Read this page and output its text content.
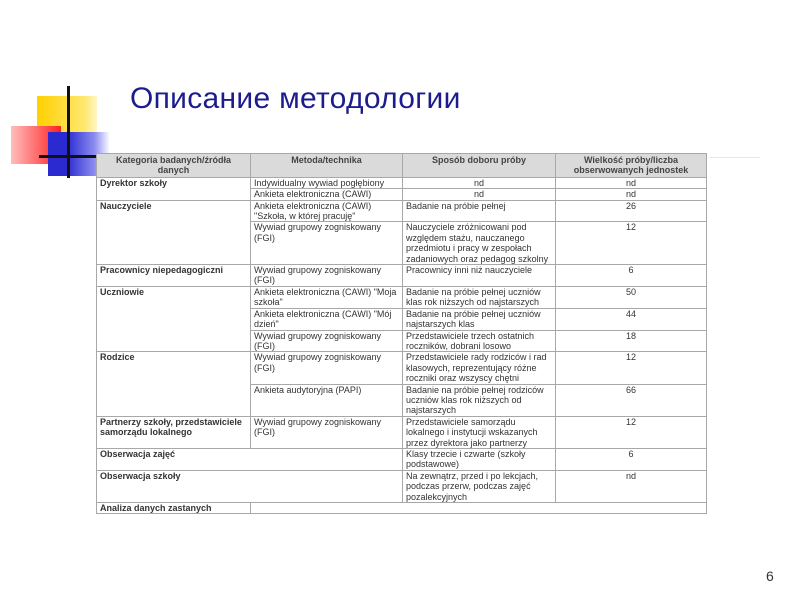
Описание методологии
Kategoria badanych/źródła danych	Metoda/technika	Sposób doboru próby	Wielkość próby/liczba obserwowanych jednostek
Dyrektor szkoły	Indywidualny wywiad pogłębiony	nd	nd
	Ankieta elektroniczna (CAWI)	nd	nd
Nauczyciele	Ankieta elektroniczna (CAWI) "Szkoła, w której pracuję"	Badanie na próbie pełnej	26
	Wywiad grupowy zogniskowany (FGI)	Nauczyciele zróżnicowani pod względem stażu, nauczanego przedmiotu i pracy w zespołach zadaniowych oraz pedagog szkolny	12
Pracownicy niepedagogiczni	Wywiad grupowy zogniskowany (FGI)	Pracownicy inni niż nauczyciele	6
Uczniowie	Ankieta elektroniczna (CAWI) "Moja szkoła"	Badanie na próbie pełnej uczniów klas rok niższych od najstarszych	50
	Ankieta elektroniczna (CAWI) "Mój dzień"	Badanie na próbie pełnej uczniów najstarszych klas	44
	Wywiad grupowy zogniskowany (FGI)	Przedstawiciele trzech ostatnich roczników, dobrani losowo	18
Rodzice	Wywiad grupowy zogniskowany (FGI)	Przedstawiciele rady rodziców i rad klasowych, reprezentujący różne roczniki oraz wszyscy chętni	12
	Ankieta audytoryjna (PAPI)	Badanie na próbie pełnej rodziców uczniów klas rok niższych od najstarszych	66
Partnerzy szkoły, przedstawiciele samorządu lokalnego	Wywiad grupowy zogniskowany (FGI)	Przedstawiciele samorządu lokalnego i instytucji wskazanych przez dyrektora jako partnerzy	12
Obserwacja zajęć		Klasy trzecie i czwarte (szkoły podstawowe)	6
Obserwacja szkoły		Na zewnątrz, przed i po lekcjach, podczas przerw, podczas zajęć pozalekcyjnych	nd
Analiza danych zastanych			
6
